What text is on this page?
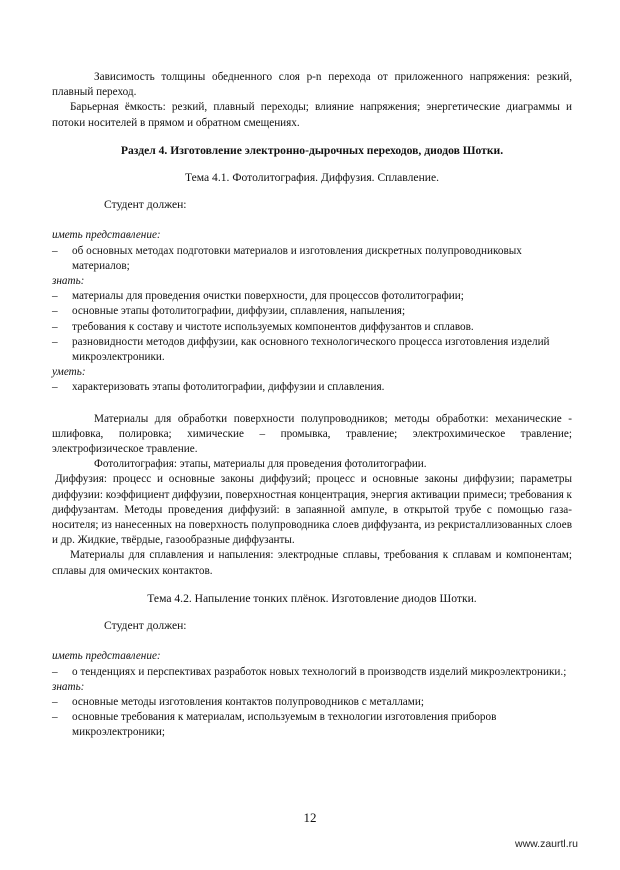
Зависимость толщины обедненного слоя p-n перехода от приложенного напряжения: резкий, плавный переход.

Барьерная ёмкость: резкий, плавный переходы; влияние напряжения; энергетические диаграммы и потоки носителей в прямом и обратном смещениях.

Раздел 4. Изготовление электронно-дырочных переходов, диодов Шотки.

Тема 4.1. Фотолитография. Диффузия. Сплавление.

Студент должен:

иметь представление:

– об основных методах подготовки материалов и изготовления дискретных полупроводниковых материалов;

знать:

– материалы для проведения очистки поверхности, для процессов фотолитографии;
– основные этапы фотолитографии, диффузии, сплавления, напыления;
– требования к составу и чистоте используемых компонентов диффузантов и сплавов.
– разновидности методов диффузии, как основного технологического процесса изготовления изделий микроэлектроники.

уметь:

– характеризовать этапы фотолитографии, диффузии и сплавления.

Материалы для обработки поверхности полупроводников; методы обработки: механические - шлифовка, полировка; химические – промывка, травление; электрохимическое травление; электрофизическое травление.

Фотолитография: этапы, материалы для проведения фотолитографии.

Диффузия: процесс и основные законы диффузий; процесс и основные законы диффузии; параметры диффузии: коэффициент диффузии, поверхностная концентрация, энергия активации примеси; требования к диффузантам. Методы проведения диффузий: в запаянной ампуле, в открытой трубе с помощью газа-носителя; из нанесенных на поверхность полупроводника слоев диффузанта, из рекристаллизованных слоев и др. Жидкие, твёрдые, газообразные диффузанты.

Материалы для сплавления и напыления: электродные сплавы, требования к сплавам и компонентам; сплавы для омических контактов.

Тема 4.2. Напыление тонких плёнок. Изготовление диодов Шотки.

Студент должен:

иметь представление:

– о тенденциях и перспективах разработок новых технологий в производств изделий микроэлектроники.;

знать:

– основные методы изготовления контактов полупроводников с металлами;
– основные требования к материалам, используемым в технологии изготовления приборов микроэлектроники;
12
www.zaurtl.ru
